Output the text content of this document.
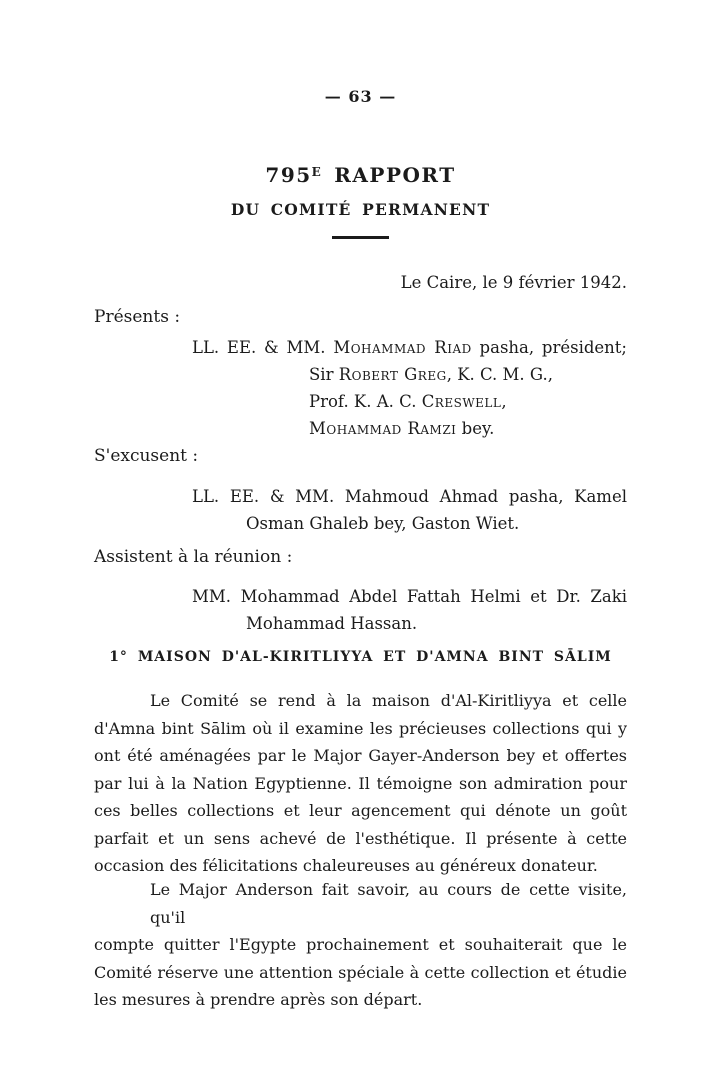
— 63 —
$795^E$ RAPPORT
DU COMITÉ PERMANENT
Le Caire, le 9 février 1942.
Présents :
LL. EE. & MM. Mohammad Riad pasha, président;
Sir Robert Greg, K. C. M. G.,
Prof. K. A. C. Creswell,
Mohammad Ramzi bey.
S'excusent :
LL. EE. & MM. Mahmoud Ahmad pasha, Kamel
Osman Ghaleb bey, Gaston Wiet.
Assistent à la réunion :
MM. Mohammad Abdel Fattah Helmi et Dr. Zaki
Mohammad Hassan.
1° MAISON D'AL-KIRITLIYYA ET D'AMNA BINT SĀLIM
Le Comité se rend à la maison d'Al-Kiritliyya et celle
d'Amna bint Sālim où il examine les précieuses collections qui y
ont été aménagées par le Major Gayer-Anderson bey et offertes
par lui à la Nation Egyptienne. Il témoigne son admiration pour
ces belles collections et leur agencement qui dénote un goût
parfait et un sens achevé de l'esthétique. Il présente à cette
occasion des félicitations chaleureuses au généreux donateur.
Le Major Anderson fait savoir, au cours de cette visite, qu'il
compte quitter l'Egypte prochainement et souhaiterait que le
Comité réserve une attention spéciale à cette collection et étudie
les mesures à prendre après son départ.
